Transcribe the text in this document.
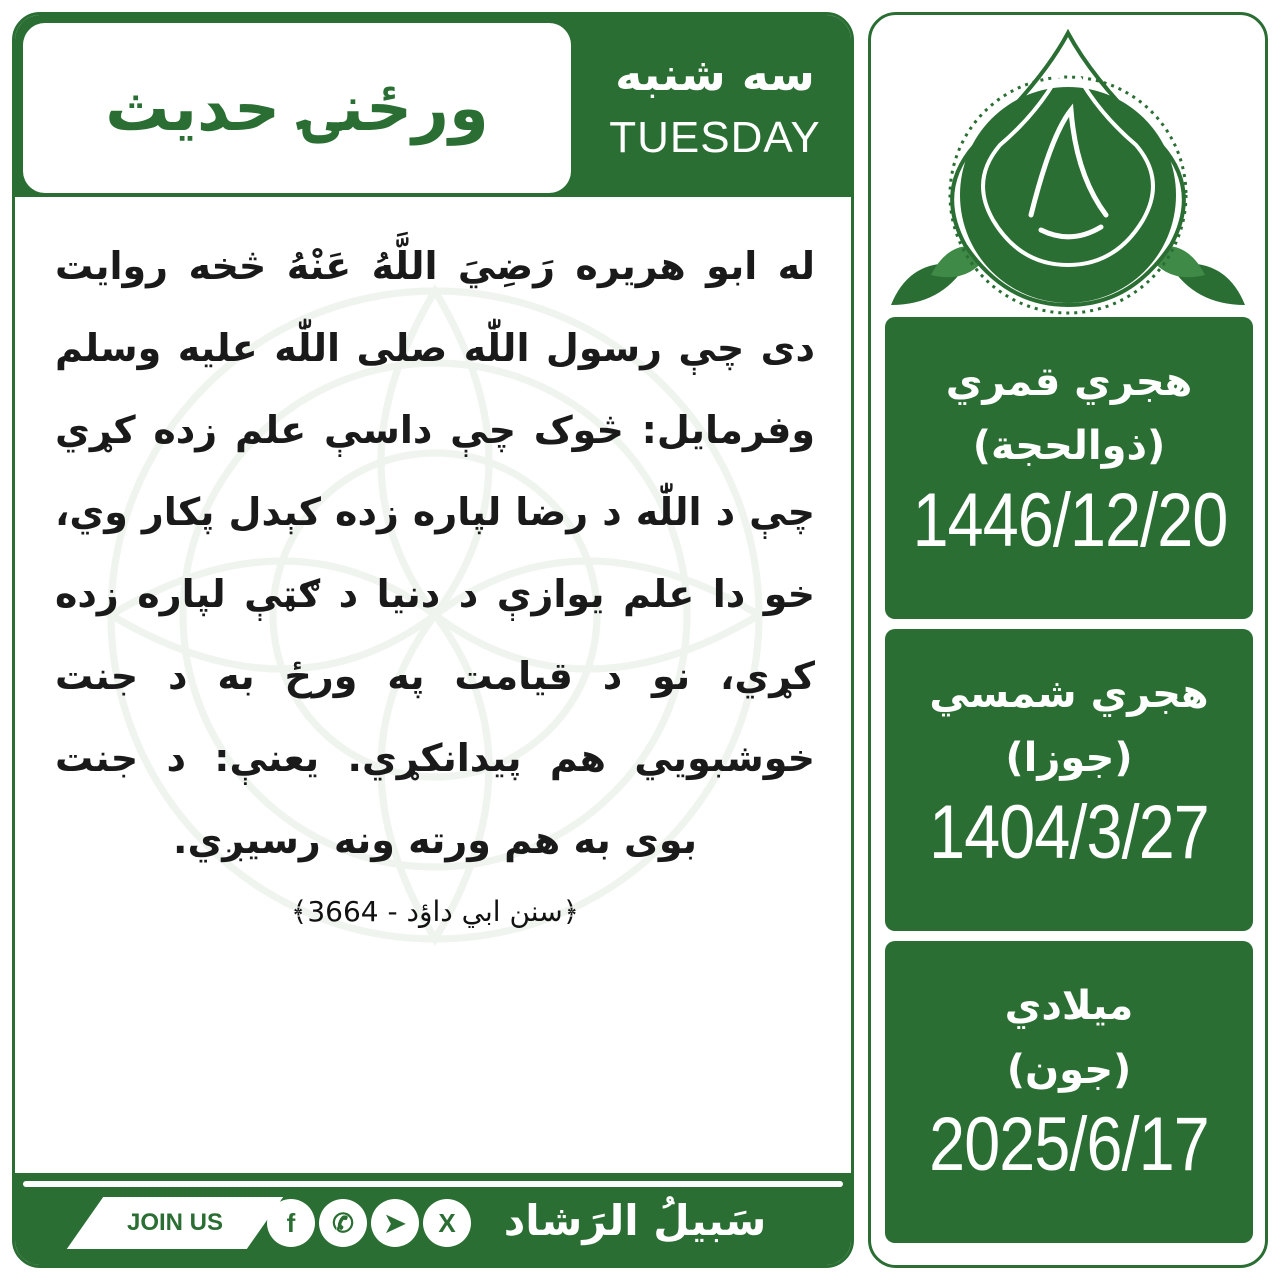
ورځنۍ حدیث	سه شنبه
TUESDAY

له ابو هريره رَضِيَ اللَّهُ عَنْهُ څخه روايت دی چې رسول اللّٰه صلی اللّٰه علیه وسلم وفرمايل: څوک چې داسې علم زده کړي چې د اللّٰه د رضا لپاره زده کېدل پکار وي، خو دا علم يوازې د دنيا د ګټې لپاره زده کړي، نو د قيامت په ورځ به د جنت خوشبويي هم پيدانکړي. يعنې: د جنت بوی به هم ورته ونه رسيږي.

﴿سنن ابي داؤد - 3664﴾
JOIN US	f	✆	➤	X	سَبيلُ الرَشاد
هجري قمري
(ذوالحجة)
1446/12/20
هجري شمسي
(جوزا)
1404/3/27
ميلادي
(جون)
2025/6/17
